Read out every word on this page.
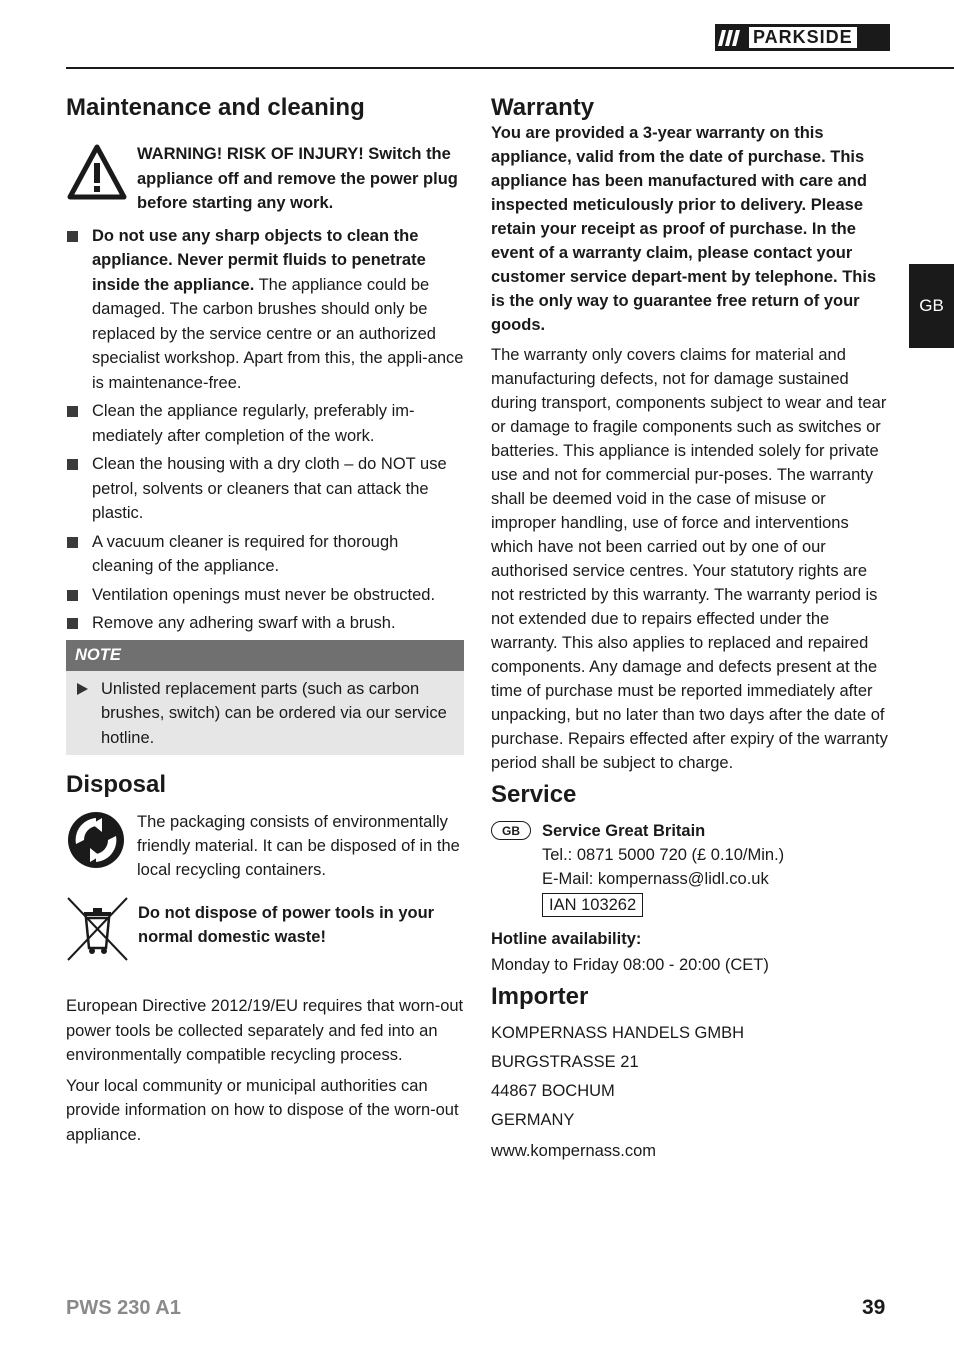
PARKSIDE
GB
Maintenance and cleaning
WARNING! RISK OF INJURY! Switch the appliance off and remove the power plug before starting any work.
Do not use any sharp objects to clean the appliance. Never permit fluids to penetrate inside the appliance. The appliance could be damaged. The carbon brushes should only be replaced by the service centre or an authorized specialist workshop. Apart from this, the appli-ance is maintenance-free.
Clean the appliance regularly, preferably im-mediately after completion of the work.
Clean the housing with a dry cloth – do NOT use petrol, solvents or cleaners that can attack the plastic.
A vacuum cleaner is required for thorough cleaning of the appliance.
Ventilation openings must never be obstructed.
Remove any adhering swarf with a brush.
NOTE
Unlisted replacement parts (such as carbon brushes, switch) can be ordered via our service hotline.
Disposal
The packaging consists of environmentally friendly material. It can be disposed of in the local recycling containers.
Do not dispose of power tools in your normal domestic waste!

European Directive 2012/19/EU requires that worn-out power tools be collected separately and fed into an environmentally compatible recycling process.

Your local community or municipal authorities can provide information on how to dispose of the worn-out appliance.

Warranty

You are provided a 3-year warranty on this appliance, valid from the date of purchase. This appliance has been manufactured with care and inspected meticulously prior to delivery. Please retain your receipt as proof of purchase. In the event of a warranty claim, please contact your customer service depart-ment by telephone. This is the only way to guarantee free return of your goods.

The warranty only covers claims for material and manufacturing defects, not for damage sustained during transport, components subject to wear and tear or damage to fragile components such as switches or batteries. This appliance is intended solely for private use and not for commercial pur-poses. The warranty shall be deemed void in the case of misuse or improper handling, use of force and interventions which have not been carried out by one of our authorised service centres. Your statutory rights are not restricted by this warranty. The warranty period is not extended due to repairs effected under the warranty. This also applies to replaced and repaired components. Any damage and defects present at the time of purchase must be reported immediately after unpacking, but no later than two days after the date of purchase. Repairs effected after expiry of the warranty period shall be subject to charge.

Service
GB	Service Great Britain
Tel.: 0871 5000 720 (£ 0.10/Min.)
E-Mail: kompernass@lidl.co.uk
IAN 103262
Hotline availability:
Monday to Friday 08:00 - 20:00 (CET)
Importer
KOMPERNASS HANDELS GMBH
BURGSTRASSE 21
44867 BOCHUM
GERMANY
www.kompernass.com
PWS 230 A1	39
